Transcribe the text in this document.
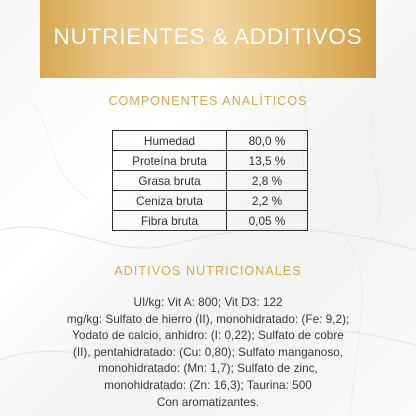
NUTRIENTES & ADDITIVOS
COMPONENTES ANALÍTICOS
Humedad	80,0 %
Proteína bruta	13,5 %
Grasa bruta	2,8 %
Ceniza bruta	2,2 %
Fibra bruta	0,05 %
ADITIVOS NUTRICIONALES
UI/kg: Vit A: 800; Vit D3: 122
mg/kg: Sulfato de hierro (II), monohidratado: (Fe: 9,2);
Yodato de calcio, anhidro: (I: 0,22); Sulfato de cobre
(II), pentahidratado: (Cu: 0,80); Sulfato manganoso,
monohidratado: (Mn: 1,7); Sulfato de zinc,
monohidratado: (Zn: 16,3); Taurina: 500
Con aromatizantes.
